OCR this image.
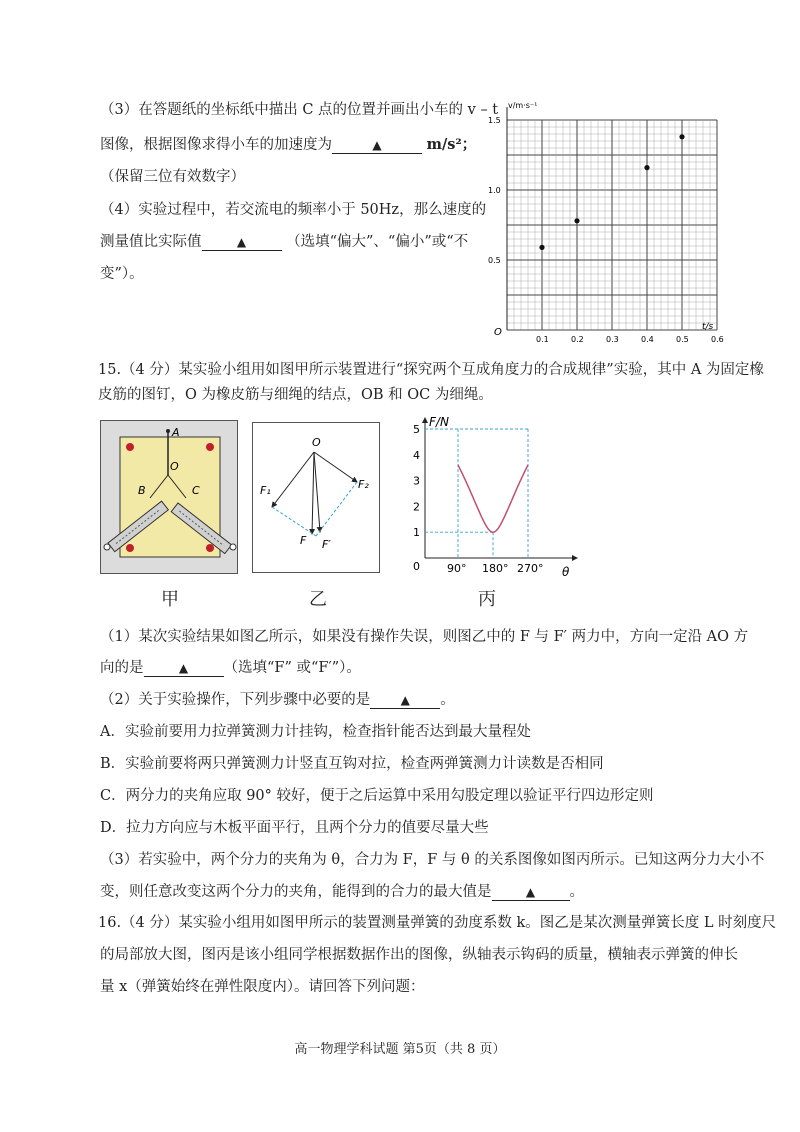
（3）在答题纸的坐标纸中描出 C 点的位置并画出小车的 v – t
图像，根据图像求得小车的加速度为	▲	m/s²；
（保留三位有效数字）
（4）实验过程中，若交流电的频率小于 50Hz，那么速度的
测量值比实际值	▲	（选填“偏大”、“偏小”或“不
变”）。
v/m·s⁻¹
O	t/s
0.1	0.2	0.3	0.4	0.5	0.6
0.5
1.0
1.5
15.（4 分）某实验小组用如图甲所示装置进行“探究两个互成角度力的合成规律”实验，其中 A 为固定橡
皮筋的图钉，O 为橡皮筋与细绳的结点，OB 和 OC 为细绳。
A
O
B	C
甲
O
F₁	F₂
F F′
乙
1
2
3
4
5
90° 180° 270°
F/N
θ
0
丙
（1）某次实验结果如图乙所示，如果没有操作失误，则图乙中的 F 与 F′ 两力中，方向一定沿 AO 方
向的是	▲ （选填“F” 或“F′”）。
（2）关于实验操作，下列步骤中必要的是	▲ 。
A．实验前要用力拉弹簧测力计挂钩，检查指针能否达到最大量程处
B．实验前要将两只弹簧测力计竖直互钩对拉，检查两弹簧测力计读数是否相同
C．两分力的夹角应取 90° 较好，便于之后运算中采用勾股定理以验证平行四边形定则
D．拉力方向应与木板平面平行，且两个分力的值要尽量大些
（3）若实验中，两个分力的夹角为 θ，合力为 F，F 与 θ 的关系图像如图丙所示。已知这两分力大小不
变，则任意改变这两个分力的夹角，能得到的合力的最大值是	▲ 。
16.（4 分）某实验小组用如图甲所示的装置测量弹簧的劲度系数 k。图乙是某次测量弹簧长度 L 时刻度尺
的局部放大图，图丙是该小组同学根据数据作出的图像，纵轴表示钩码的质量，横轴表示弹簧的伸长
量 x（弹簧始终在弹性限度内）。请回答下列问题：
高一物理学科试题 第5页（共 8 页）
